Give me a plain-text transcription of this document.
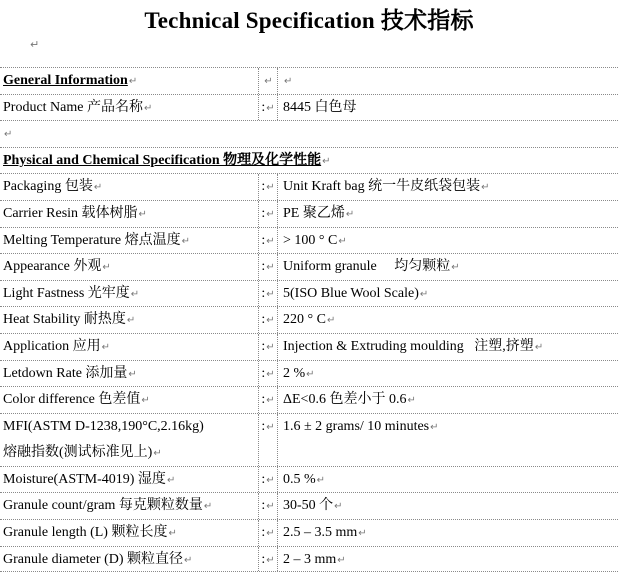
Technical Specification 技术指标
↵
General Information↵	↵	↵
Product Name 产品名称↵	:↵ 8445 白色母
↵
Physical and Chemical Specification 物理及化学性能↵
Packaging 包装↵	:↵ Unit Kraft bag 统一牛皮纸袋包装↵
Carrier Resin 载体树脂↵	:↵ PE 聚乙烯↵
Melting Temperature 熔点温度↵	:↵ > 100 ° C↵
Appearance 外观↵	:↵ Uniform granule     均匀颗粒↵
Light Fastness 光牢度↵	:↵ 5(ISO Blue Wool Scale)↵
Heat Stability 耐热度↵	:↵ 220 ° C↵
Application 应用↵	:↵ Injection & Extruding moulding   注塑,挤塑↵
Letdown Rate 添加量↵	:↵ 2 %↵
Color difference 色差值↵	:↵ ΔE<0.6 色差小于 0.6↵
MFI(ASTM D-1238,190°C,2.16kg)
熔融指数(测试标准见上)↵
:↵ 1.6 ± 2 grams/ 10 minutes↵
Moisture(ASTM-4019) 湿度↵	:↵ 0.5 %↵
Granule count/gram 每克颗粒数量↵	:↵ 30-50 个↵
Granule length (L) 颗粒长度↵	:↵ 2.5 – 3.5 mm↵
Granule diameter (D) 颗粒直径↵	:↵ 2 – 3 mm↵
